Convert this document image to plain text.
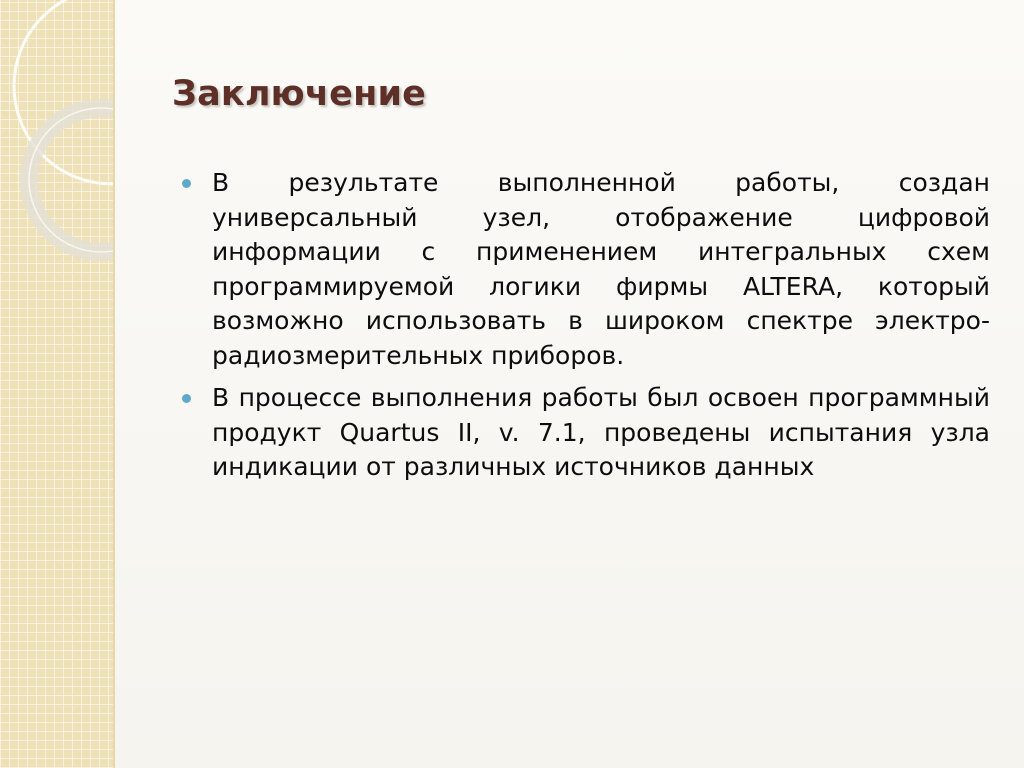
Заключение
В результате выполненной работы, создан универсальный узел, отображение цифровой информации с применением интегральных схем программируемой логики фирмы ALTERA, который возможно использовать в широком спектре электро-радиозмерительных приборов.
В процессе выполнения работы был освоен программный продукт Quartus II, v. 7.1, проведены испытания узла индикации от различных источников данных
